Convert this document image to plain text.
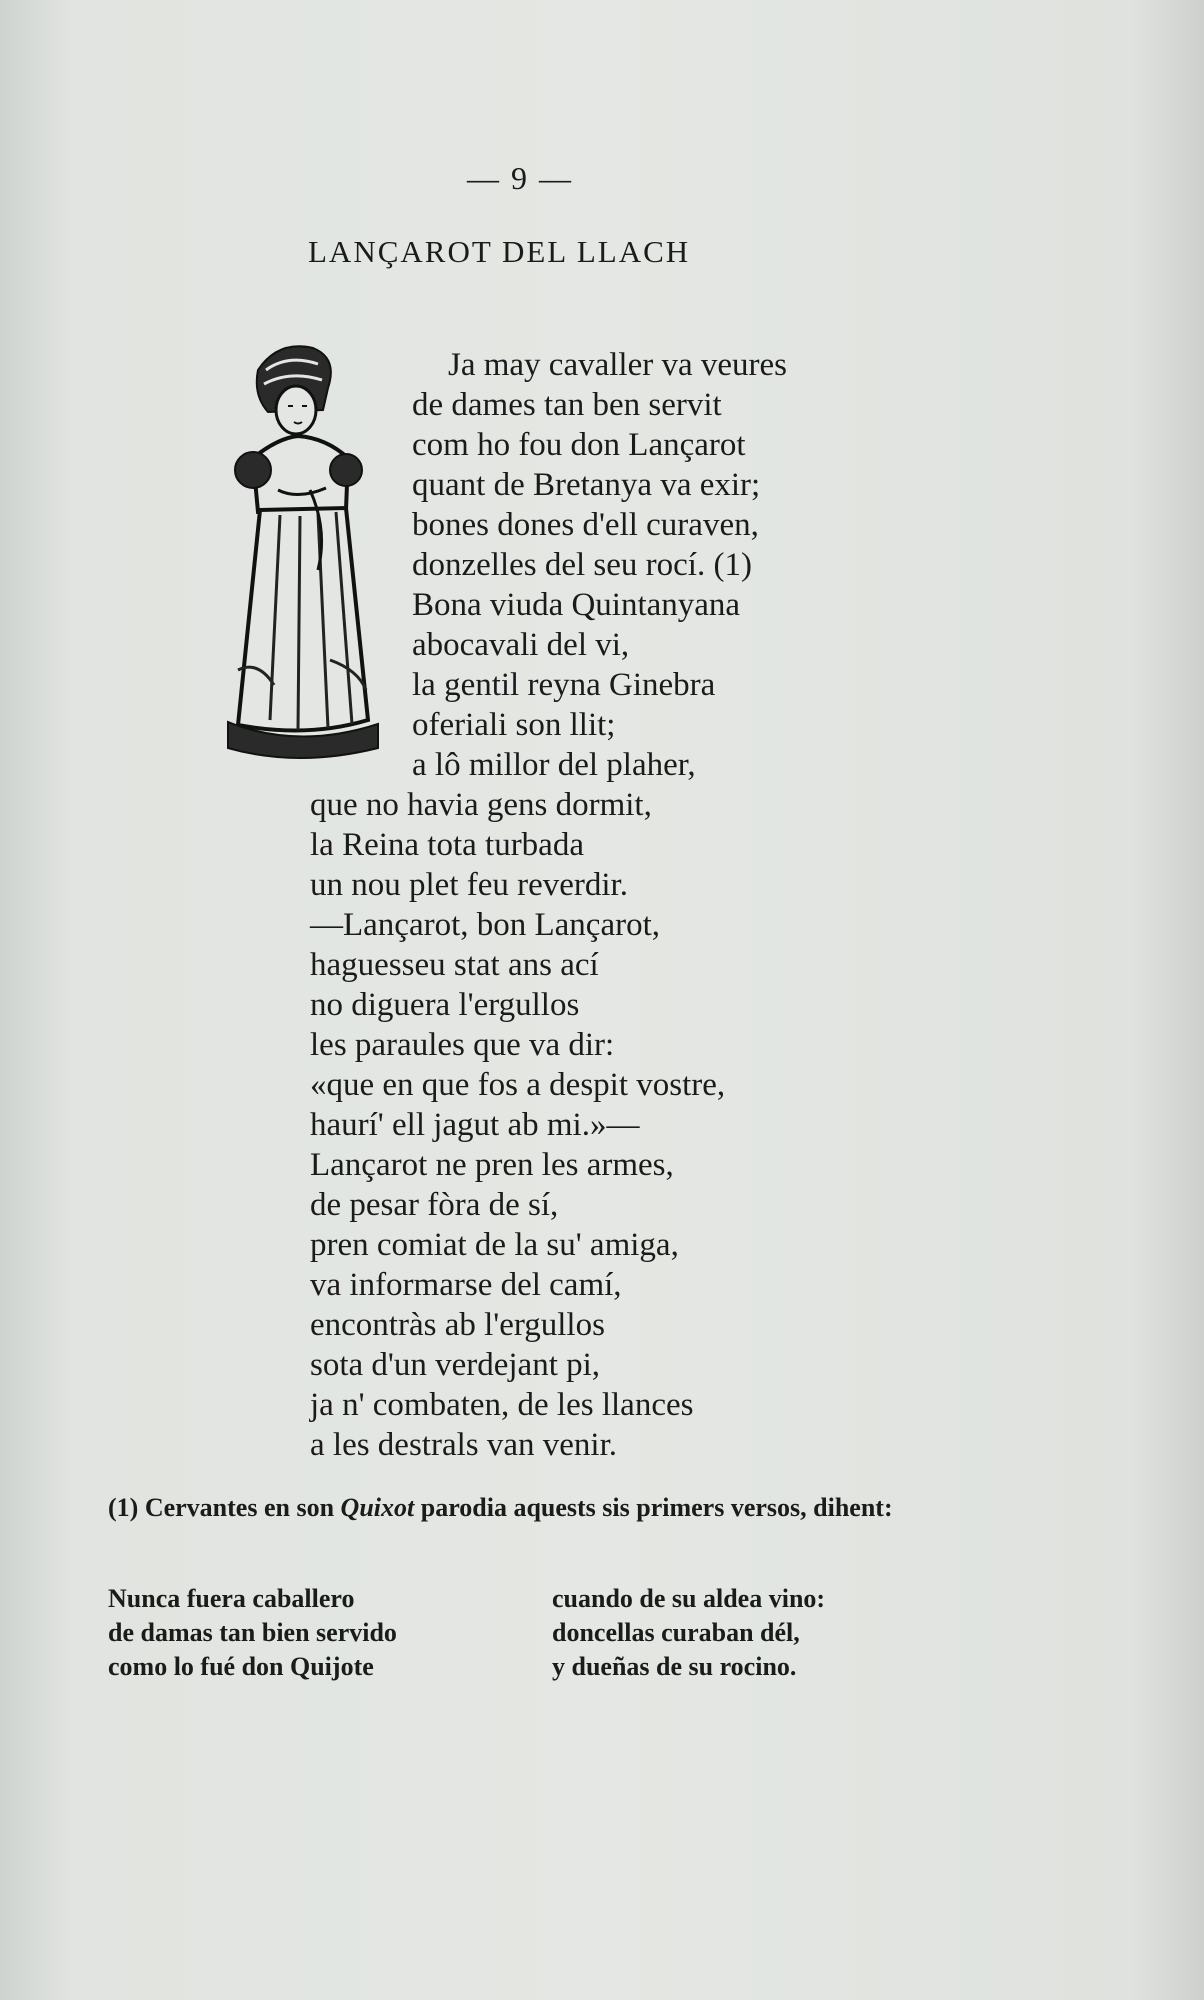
— 9 —
LANÇAROT DEL LLACH
Ja may cavaller va veures
de dames tan ben servit
com ho fou don Lançarot
quant de Bretanya va exir;
bones dones d'ell curaven,
donzelles del seu rocí. (1)
Bona viuda Quintanyana
abocavali del vi,
la gentil reyna Ginebra
oferiali son llit;
a lô millor del plaher,
que no havia gens dormit,
la Reina tota turbada
un nou plet feu reverdir.
—Lançarot, bon Lançarot,
haguesseu stat ans ací
no diguera l'ergullos
les paraules que va dir:
«que en que fos a despit vostre,
haurí' ell jagut ab mi.»—
Lançarot ne pren les armes,
de pesar fòra de sí,
pren comiat de la su' amiga,
va informarse del camí,
encontràs ab l'ergullos
sota d'un verdejant pi,
ja n' combaten, de les llances
a les destrals van venir.
(1) Cervantes en son Quixot parodia aquests sis primers versos, dihent:
Nunca fuera caballero
de damas tan bien servido
como lo fué don Quijote
cuando de su aldea vino:
doncellas curaban dél,
y dueñas de su rocino.
